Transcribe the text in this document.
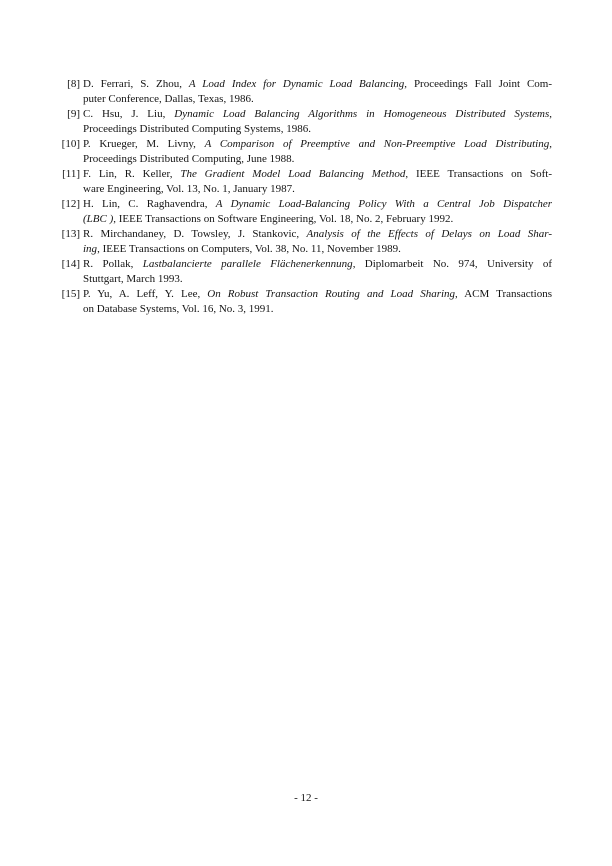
[8] D. Ferrari, S. Zhou, A Load Index for Dynamic Load Balancing, Proceedings Fall Joint Com-
puter Conference, Dallas, Texas, 1986.
[9] C. Hsu, J. Liu, Dynamic Load Balancing Algorithms in Homogeneous Distributed Systems,
Proceedings Distributed Computing Systems, 1986.
[10] P. Krueger, M. Livny, A Comparison of Preemptive and Non-Preemptive Load Distributing,
Proceedings Distributed Computing, June 1988.
[11] F. Lin, R. Keller, The Gradient Model Load Balancing Method, IEEE Transactions on Soft-
ware Engineering, Vol. 13, No. 1, January 1987.
[12] H. Lin, C. Raghavendra, A Dynamic Load-Balancing Policy With a Central Job Dispatcher
(LBC ), IEEE Transactions on Software Engineering, Vol. 18, No. 2, February 1992.
[13] R. Mirchandaney, D. Towsley, J. Stankovic, Analysis of the Effects of Delays on Load Shar-
ing, IEEE Transactions on Computers, Vol. 38, No. 11, November 1989.
[14] R. Pollak, Lastbalancierte parallele Flächenerkennung, Diplomarbeit No. 974, University of
Stuttgart, March 1993.
[15] P. Yu, A. Leff, Y. Lee, On Robust Transaction Routing and Load Sharing, ACM Transactions
on Database Systems, Vol. 16, No. 3, 1991.
- 12 -
